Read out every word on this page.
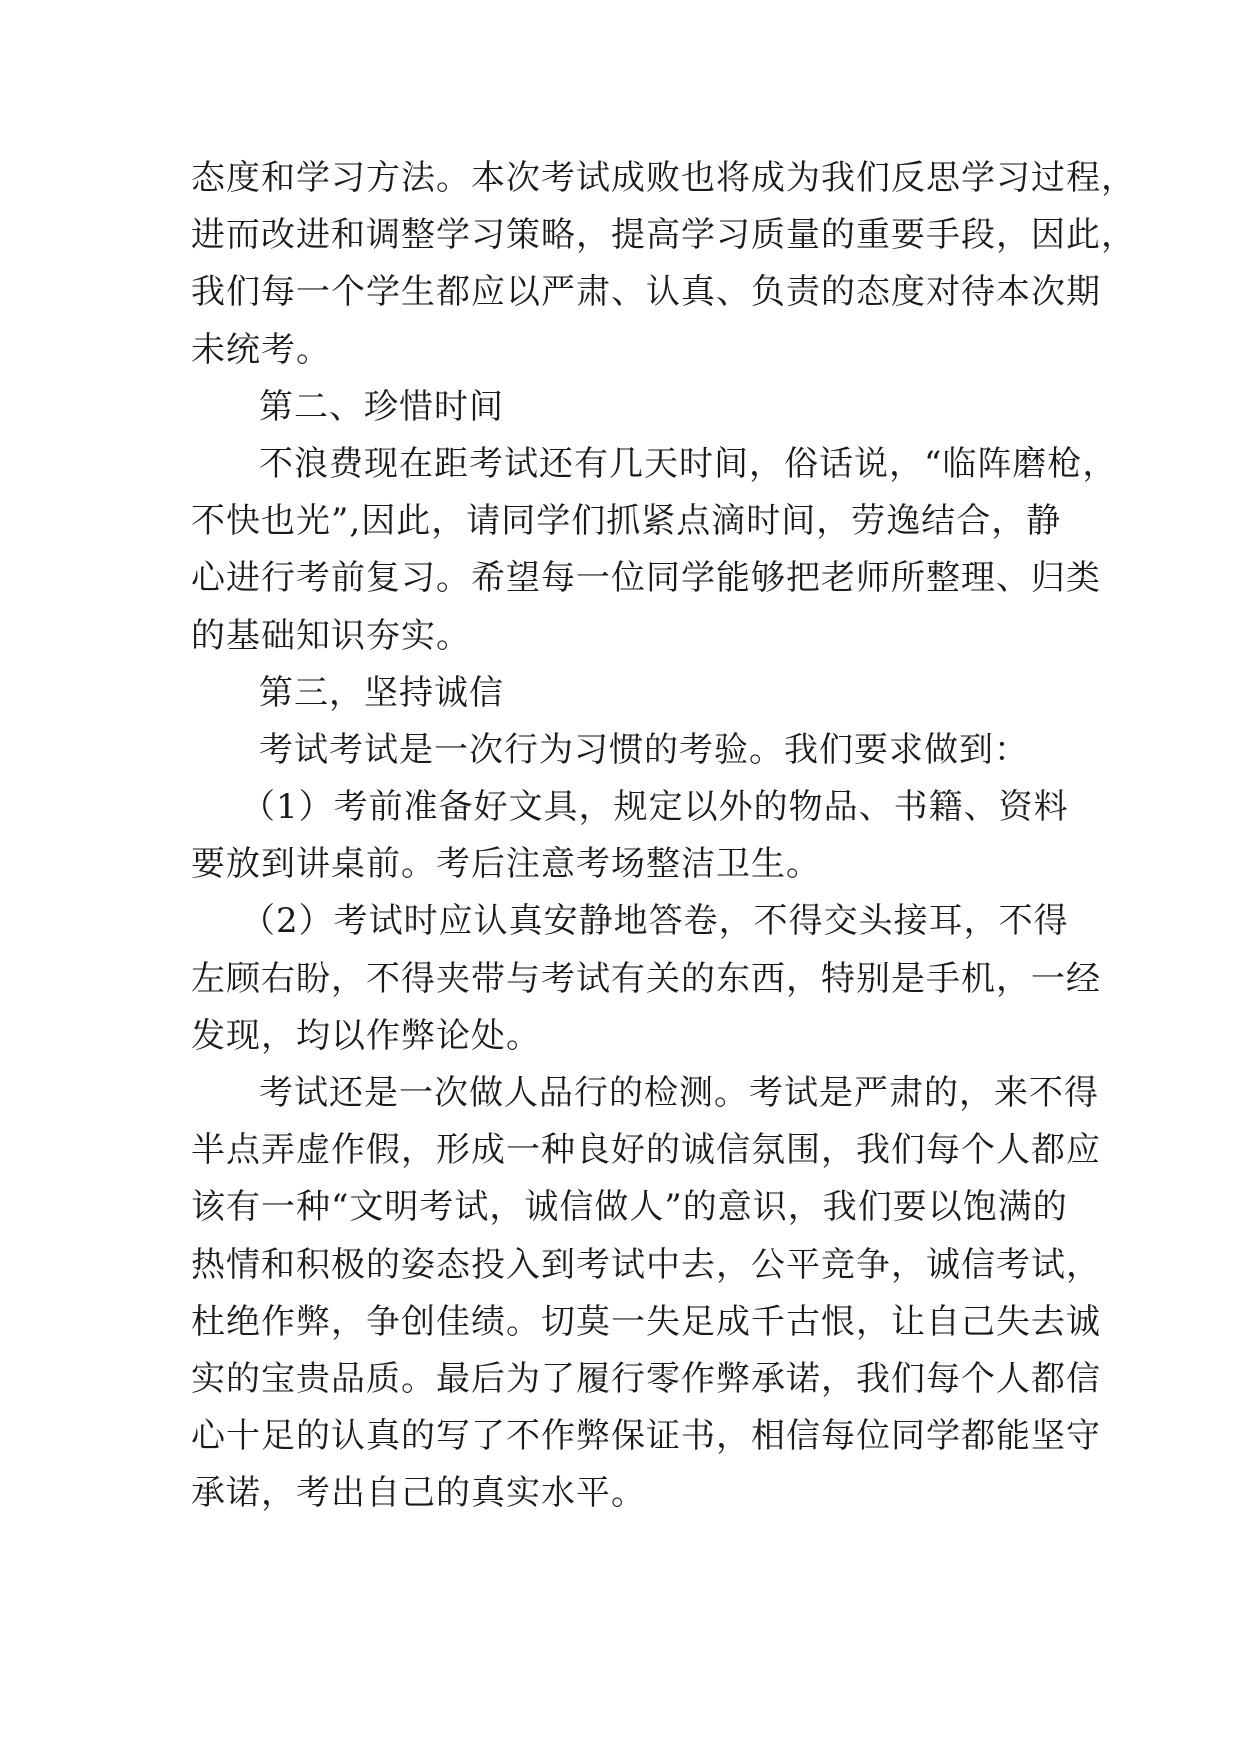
态度和学习方法。本次考试成败也将成为我们反思学习过程，
进而改进和调整学习策略，提高学习质量的重要手段，因此，
我们每一个学生都应以严肃、认真、负责的态度对待本次期
未统考。
第二、珍惜时间
不浪费现在距考试还有几天时间，俗话说，“临阵磨枪，
不快也光”,因此，请同学们抓紧点滴时间，劳逸结合，静
心进行考前复习。希望每一位同学能够把老师所整理、归类
的基础知识夯实。
第三，坚持诚信
考试考试是一次行为习惯的考验。我们要求做到：
（1）考前准备好文具，规定以外的物品、书籍、资料
要放到讲桌前。考后注意考场整洁卫生。
（2）考试时应认真安静地答卷，不得交头接耳，不得
左顾右盼，不得夹带与考试有关的东西，特别是手机，一经
发现，均以作弊论处。
考试还是一次做人品行的检测。考试是严肃的，来不得
半点弄虚作假，形成一种良好的诚信氛围，我们每个人都应
该有一种“文明考试，诚信做人”的意识，我们要以饱满的
热情和积极的姿态投入到考试中去，公平竞争，诚信考试，
杜绝作弊，争创佳绩。切莫一失足成千古恨，让自己失去诚
实的宝贵品质。最后为了履行零作弊承诺，我们每个人都信
心十足的认真的写了不作弊保证书，相信每位同学都能坚守
承诺，考出自己的真实水平。
